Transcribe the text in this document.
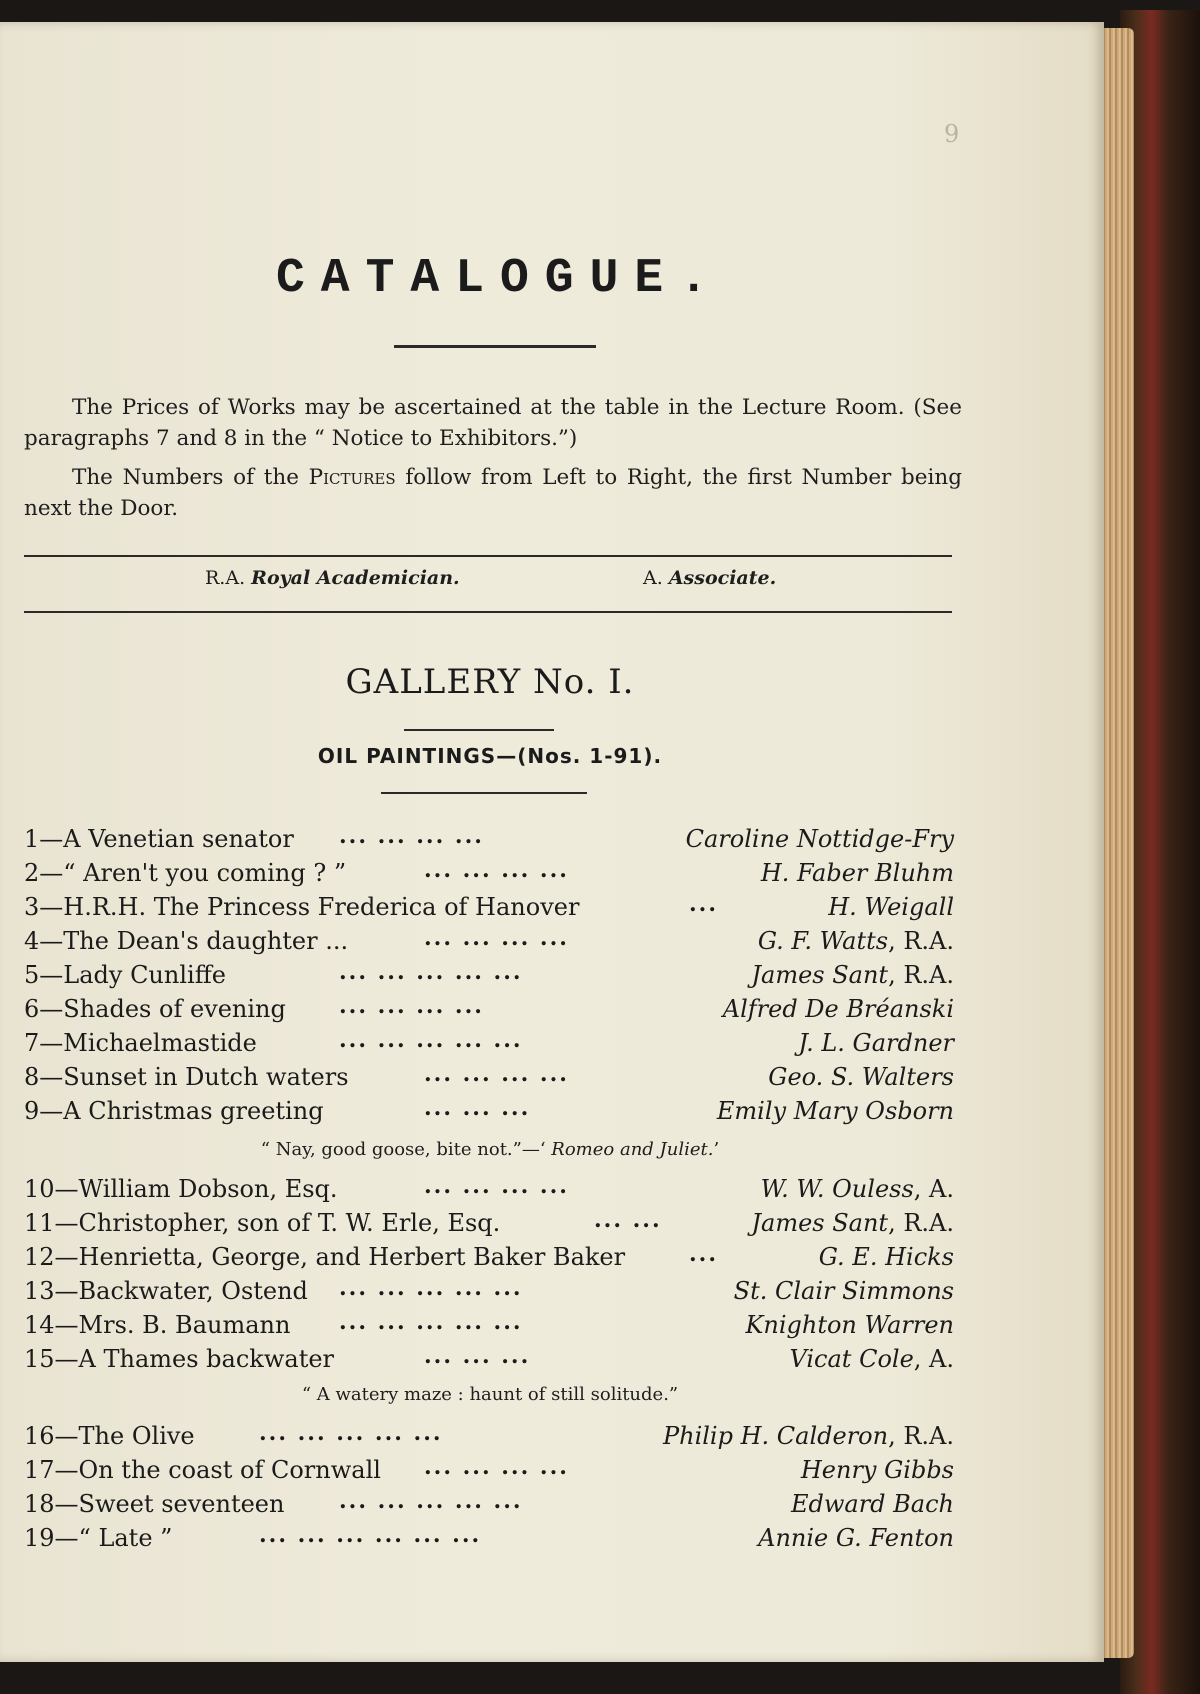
9
CATALOGUE.
The Prices of Works may be ascertained at the table in the Lecture Room. (See paragraphs 7 and 8 in the “ Notice to Exhibitors.”)
The Numbers of the Pictures follow from Left to Right, the first Number being next the Door.
R.A. Royal Academician.	A. Associate.
GALLERY No. I.
OIL PAINTINGS—(Nos. 1-91).
1—A Venetian senator ... ... ... ...	Caroline Nottidge-Fry
2—“ Aren't you coming ? ”	... ... ... ...	H. Faber Bluhm
3—H.R.H. The Princess Frederica of Hanover	...	H. Weigall
4—The Dean's daughter ...	... ... ... ...	G. F. Watts, R.A.
5—Lady Cunliffe	... ... ... ... ...	James Sant, R.A.
6—Shades of evening ... ... ... ...	Alfred De Bréanski
7—Michaelmastide	... ... ... ... ...	J. L. Gardner
8—Sunset in Dutch waters	... ... ... ...	Geo. S. Walters
9—A Christmas greeting	... ... ...	Emily Mary Osborn
“ Nay, good goose, bite not.”—‘ Romeo and Juliet.’
10—William Dobson, Esq.	... ... ... ...	W. W. Ouless, A.
11—Christopher, son of T. W. Erle, Esq.	... ...	James Sant, R.A.
12—Henrietta, George, and Herbert Baker Baker	...	G. E. Hicks
13—Backwater, Ostend ... ... ... ... ...	St. Clair Simmons
14—Mrs. B. Baumann ... ... ... ... ...	Knighton Warren
15—A Thames backwater	... ... ...	Vicat Cole, A.
“ A watery maze : haunt of still solitude.”
16—The Olive	... ... ... ... ...	Philip H. Calderon, R.A.
17—On the coast of Cornwall ... ... ... ...	Henry Gibbs
18—Sweet seventeen ... ... ... ... ...	Edward Bach
19—“ Late ”	... ... ... ... ... ...	Annie G. Fenton
